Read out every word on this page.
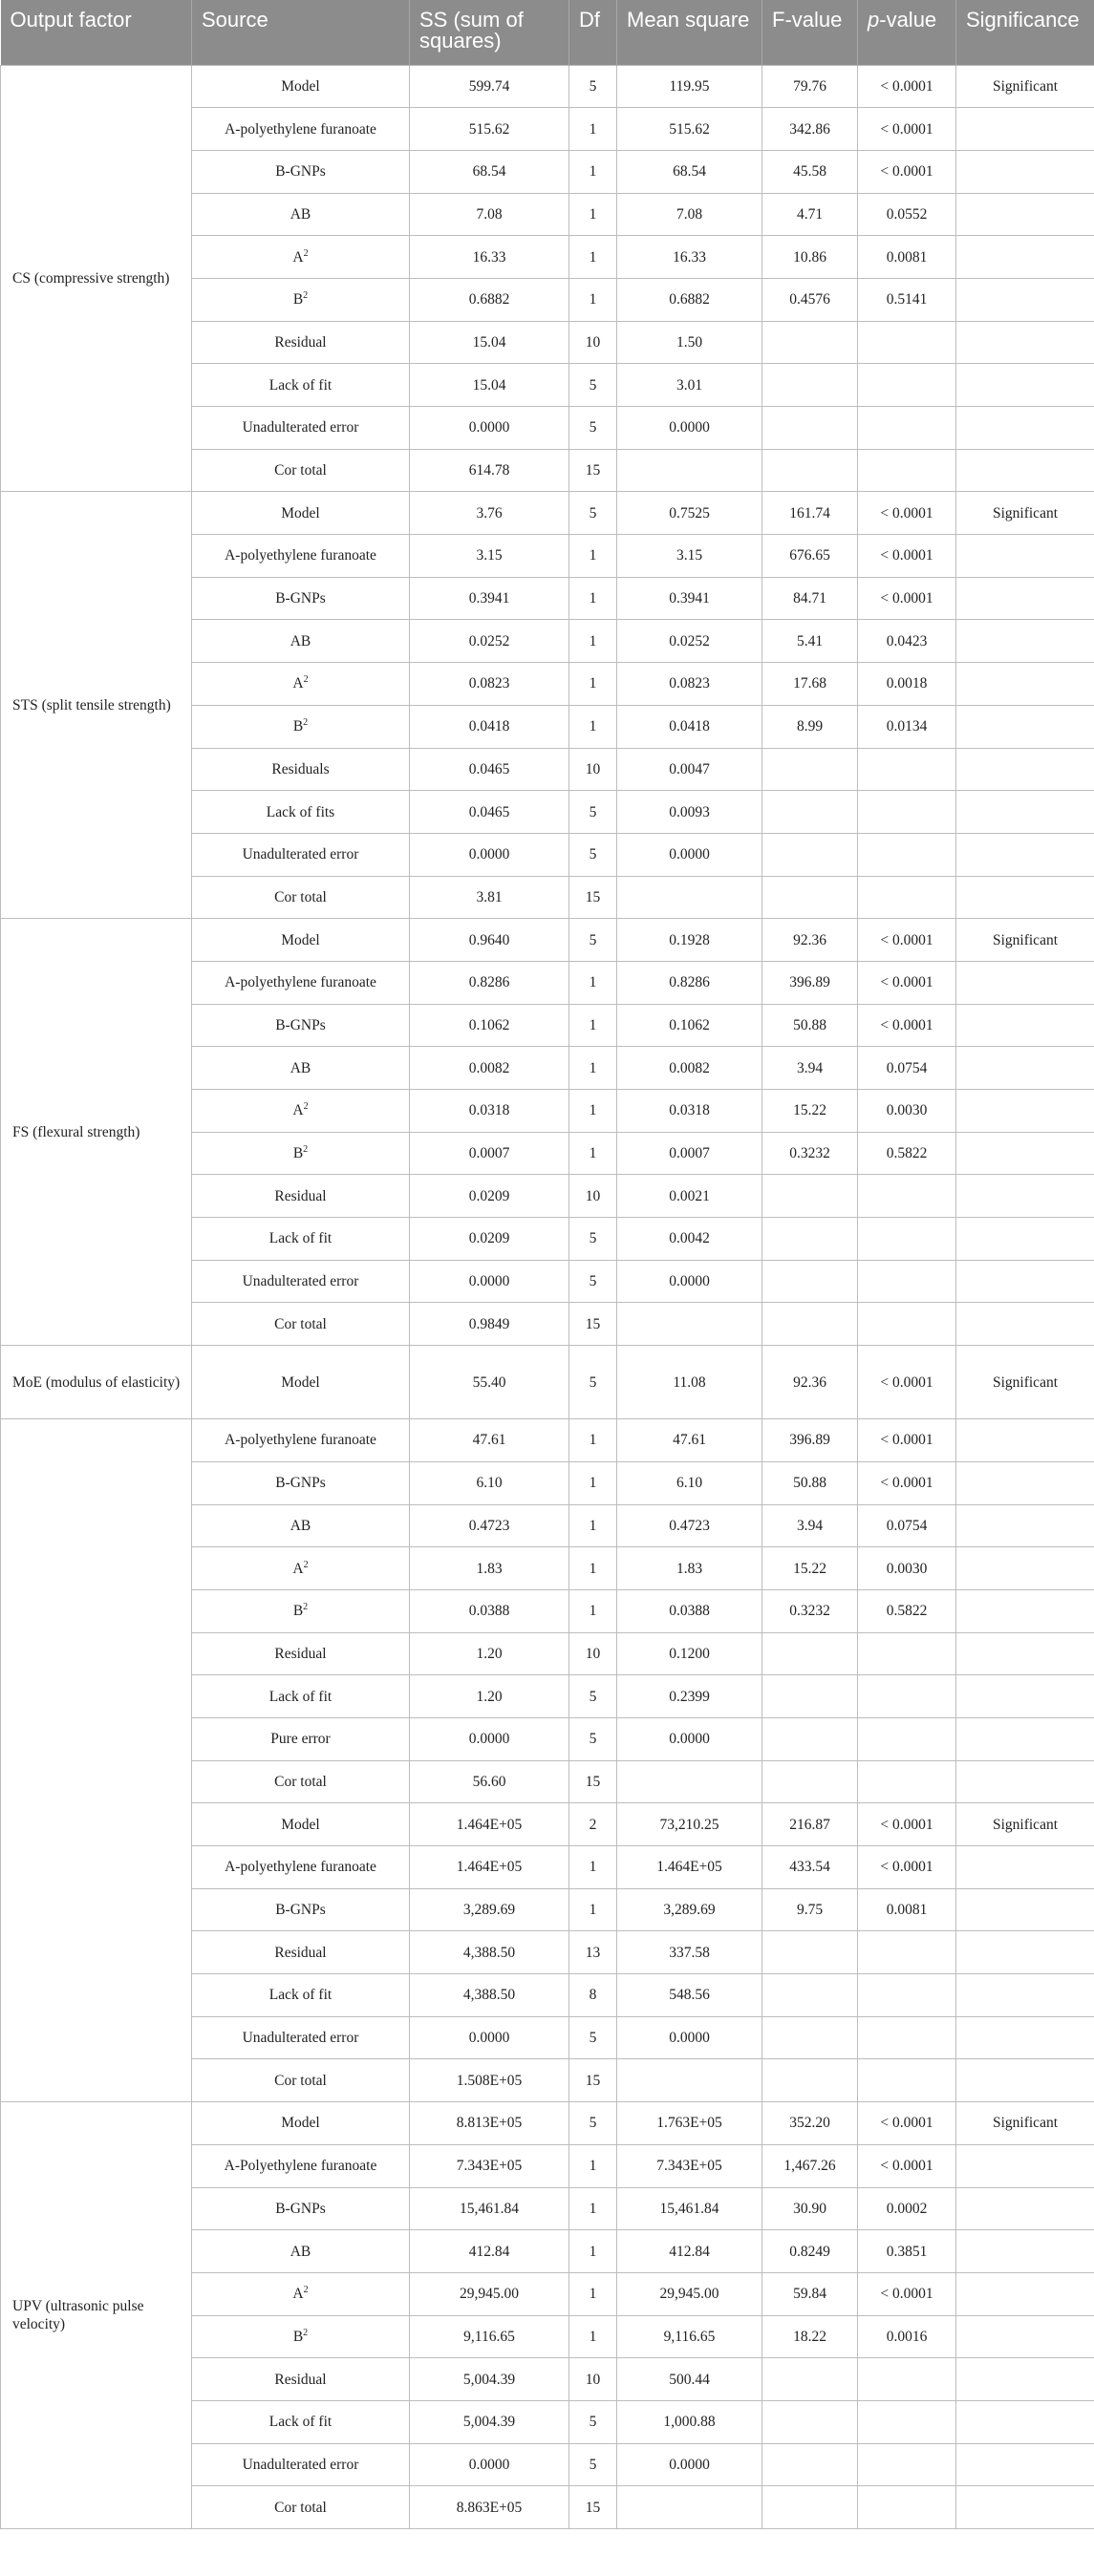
Output factor	Source	SS (sum of squares)	Df	Mean square	F-value	p-value	Significance

CS (compressive strength)	Model	599.74	5	119.95	79.76	< 0.0001	Significant
	A-polyethylene furanoate	515.62	1	515.62	342.86	< 0.0001	
	B-GNPs	68.54	1	68.54	45.58	< 0.0001	
	AB	7.08	1	7.08	4.71	0.0552	
	$A^2$	16.33	1	16.33	10.86	0.0081	
	$B^2$	0.6882	1	0.6882	0.4576	0.5141	
	Residual	15.04	10	1.50			
	Lack of fit	15.04	5	3.01			
	Unadulterated error	0.0000	5	0.0000			
	Cor total	614.78	15				
STS (split tensile strength)	Model	3.76	5	0.7525	161.74	< 0.0001	Significant
	A-polyethylene furanoate	3.15	1	3.15	676.65	< 0.0001	
	B-GNPs	0.3941	1	0.3941	84.71	< 0.0001	
	AB	0.0252	1	0.0252	5.41	0.0423	
	$A^2$	0.0823	1	0.0823	17.68	0.0018	
	$B^2$	0.0418	1	0.0418	8.99	0.0134	
	Residuals	0.0465	10	0.0047			
	Lack of fits	0.0465	5	0.0093			
	Unadulterated error	0.0000	5	0.0000			
	Cor total	3.81	15				
FS (flexural strength)	Model	0.9640	5	0.1928	92.36	< 0.0001	Significant
	A-polyethylene furanoate	0.8286	1	0.8286	396.89	< 0.0001	
	B-GNPs	0.1062	1	0.1062	50.88	< 0.0001	
	AB	0.0082	1	0.0082	3.94	0.0754	
	$A^2$	0.0318	1	0.0318	15.22	0.0030	
	$B^2$	0.0007	1	0.0007	0.3232	0.5822	
	Residual	0.0209	10	0.0021			
	Lack of fit	0.0209	5	0.0042			
	Unadulterated error	0.0000	5	0.0000			
	Cor total	0.9849	15				
MoE (modulus of elasticity)	Model	55.40	5	11.08	92.36	< 0.0001	Significant
	A-polyethylene furanoate	47.61	1	47.61	396.89	< 0.0001	
	B-GNPs	6.10	1	6.10	50.88	< 0.0001	
	AB	0.4723	1	0.4723	3.94	0.0754	
	$A^2$	1.83	1	1.83	15.22	0.0030	
	$B^2$	0.0388	1	0.0388	0.3232	0.5822	
	Residual	1.20	10	0.1200			
	Lack of fit	1.20	5	0.2399			
	Pure error	0.0000	5	0.0000			
	Cor total	56.60	15				
	Model	1.464E+05	2	73,210.25	216.87	< 0.0001	Significant
	A-polyethylene furanoate	1.464E+05	1	1.464E+05	433.54	< 0.0001	
	B-GNPs	3,289.69	1	3,289.69	9.75	0.0081	
	Residual	4,388.50	13	337.58			
	Lack of fit	4,388.50	8	548.56			
	Unadulterated error	0.0000	5	0.0000			
	Cor total	1.508E+05	15				
UPV (ultrasonic pulse velocity)	Model	8.813E+05	5	1.763E+05	352.20	< 0.0001	Significant
	A-Polyethylene furanoate	7.343E+05	1	7.343E+05	1,467.26	< 0.0001	
	B-GNPs	15,461.84	1	15,461.84	30.90	0.0002	
	AB	412.84	1	412.84	0.8249	0.3851	
	$A^2$	29,945.00	1	29,945.00	59.84	< 0.0001	
	$B^2$	9,116.65	1	9,116.65	18.22	0.0016	
	Residual	5,004.39	10	500.44			
	Lack of fit	5,004.39	5	1,000.88			
	Unadulterated error	0.0000	5	0.0000			
	Cor total	8.863E+05	15				
